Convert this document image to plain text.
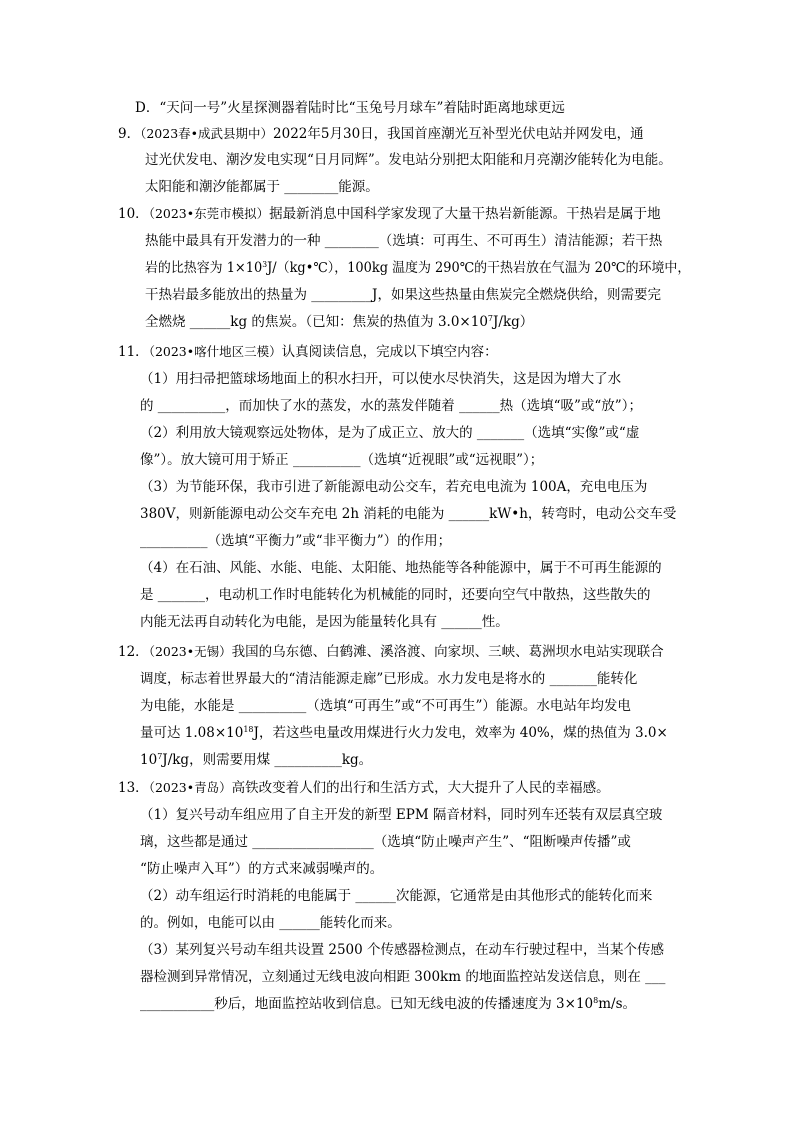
D．“天问一号”火星探测器着陆时比“玉兔号月球车”着陆时距离地球更远
9．（2023春•成武县期中）2022年5月30日，我国首座潮光互补型光伏电站并网发电，通
过光伏发电、潮汐发电实现“日月同辉”。发电站分别把太阳能和月亮潮汐能转化为电能。
太阳能和潮汐能都属于 ________能源。
10．（2023•东莞市模拟）据最新消息中国科学家发现了大量干热岩新能源。干热岩是属于地
热能中最具有开发潜力的一种 ________（选填：可再生、不可再生）清洁能源；若干热
岩的比热容为 $1\times 10^3J/(kg•℃)$，100kg 温度为 290℃的干热岩放在气温为 20℃的环境中，
干热岩最多能放出的热量为 _________J，如果这些热量由焦炭完全燃烧供给，则需要完
全燃烧 ______kg 的焦炭。（已知：焦炭的热值为 $3.0\times 10^7J/kg$）
11．（2023•喀什地区三模）认真阅读信息，完成以下填空内容：
（1）用扫帚把篮球场地面上的积水扫开，可以使水尽快消失，这是因为增大了水
的 __________，而加快了水的蒸发，水的蒸发伴随着 ______热（选填“吸”或“放”）；
（2）利用放大镜观察远处物体，是为了成正立、放大的 _______（选填“实像”或“虚
像”）。放大镜可用于矫正 __________（选填“近视眼”或“远视眼”）；
（3）为节能环保，我市引进了新能源电动公交车，若充电电流为 100A，充电电压为
380V，则新能源电动公交车充电 2h 消耗的电能为 ______kW•h，转弯时，电动公交车受
__________（选填“平衡力”或“非平衡力”）的作用；
（4）在石油、风能、水能、电能、太阳能、地热能等各种能源中，属于不可再生能源的
是 _______，电动机工作时电能转化为机械能的同时，还要向空气中散热，这些散失的
内能无法再自动转化为电能，是因为能量转化具有 ______性。
12．（2023•无锡）我国的乌东德、白鹤滩、溪洛渡、向家坝、三峡、葛洲坝水电站实现联合
调度，标志着世界最大的“清洁能源走廊”已形成。水力发电是将水的 _______能转化
为电能，水能是 __________（选填“可再生”或“不可再生”）能源。水电站年均发电
量可达 $1.08\times 10^{18}J$，若这些电量改用煤进行火力发电，效率为 40%，煤的热值为 3.0×
$10^7J/kg$，则需要用煤 __________kg。
13．（2023•青岛）高铁改变着人们的出行和生活方式，大大提升了人民的幸福感。
（1）复兴号动车组应用了自主开发的新型 EPM 隔音材料，同时列车还装有双层真空玻
璃，这些都是通过 __________________（选填“防止噪声产生”、“阻断噪声传播”或
“防止噪声入耳”）的方式来减弱噪声的。
（2）动车组运行时消耗的电能属于 ______次能源，它通常是由其他形式的能转化而来
的。例如，电能可以由 ______能转化而来。
（3）某列复兴号动车组共设置 2500 个传感器检测点，在动车行驶过程中，当某个传感
器检测到异常情况，立刻通过无线电波向相距 300km 的地面监控站发送信息，则在 ___
___________秒后，地面监控站收到信息。已知无线电波的传播速度为 $3\times 10^8m/s$。
